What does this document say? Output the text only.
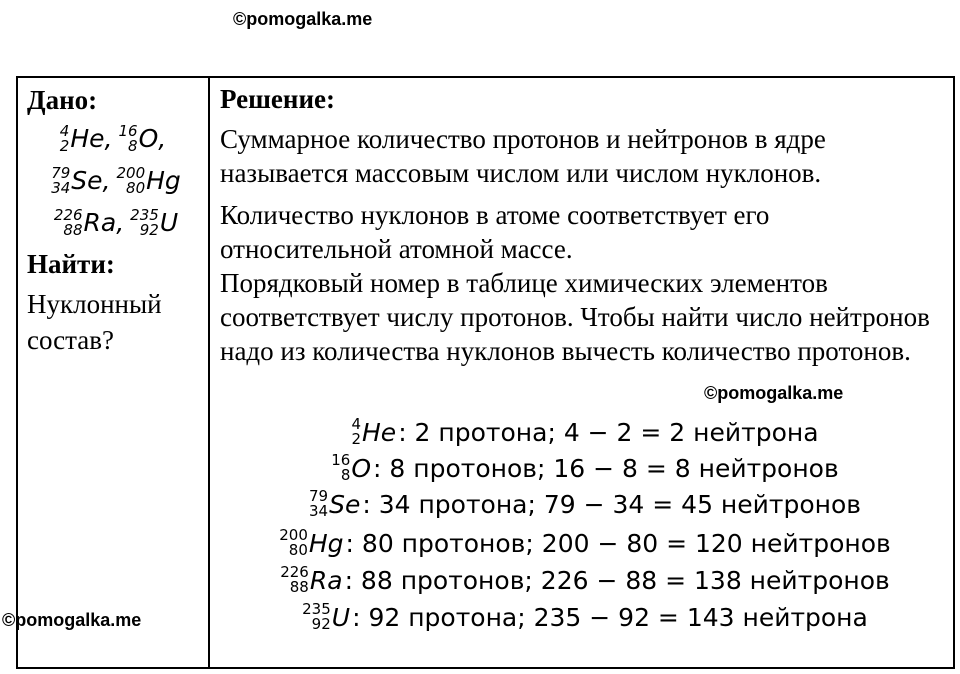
©pomogalka.me
Дано:
4
2 He , 16
8 O ,
79
34 Se , 200
80 Hg
226
88 Ra , 235
92 U
Найти:
Нуклонный состав?
Решение:

Суммарное количество протонов и нейтронов в ядре называется массовым числом или числом нуклонов.

Количество нуклонов в атоме соответствует его относительной атомной массе.

Порядковый номер в таблице химических элементов соответствует числу протонов. Чтобы найти число нейтронов надо из количества нуклонов вычесть количество протонов.

©pomogalka.me
4
2 He : 2 протона; 4 − 2 = 2 нейтрона
16
8 O : 8 протонов; 16 − 8 = 8 нейтронов
79
34 Se : 34 протона; 79 − 34 = 45 нейтронов
200
80 Hg : 80 протонов; 200 − 80 = 120 нейтронов
226
88 Ra : 88 протонов; 226 − 88 = 138 нейтронов
235
92 U : 92 протона; 235 − 92 = 143 нейтрона
©pomogalka.me
